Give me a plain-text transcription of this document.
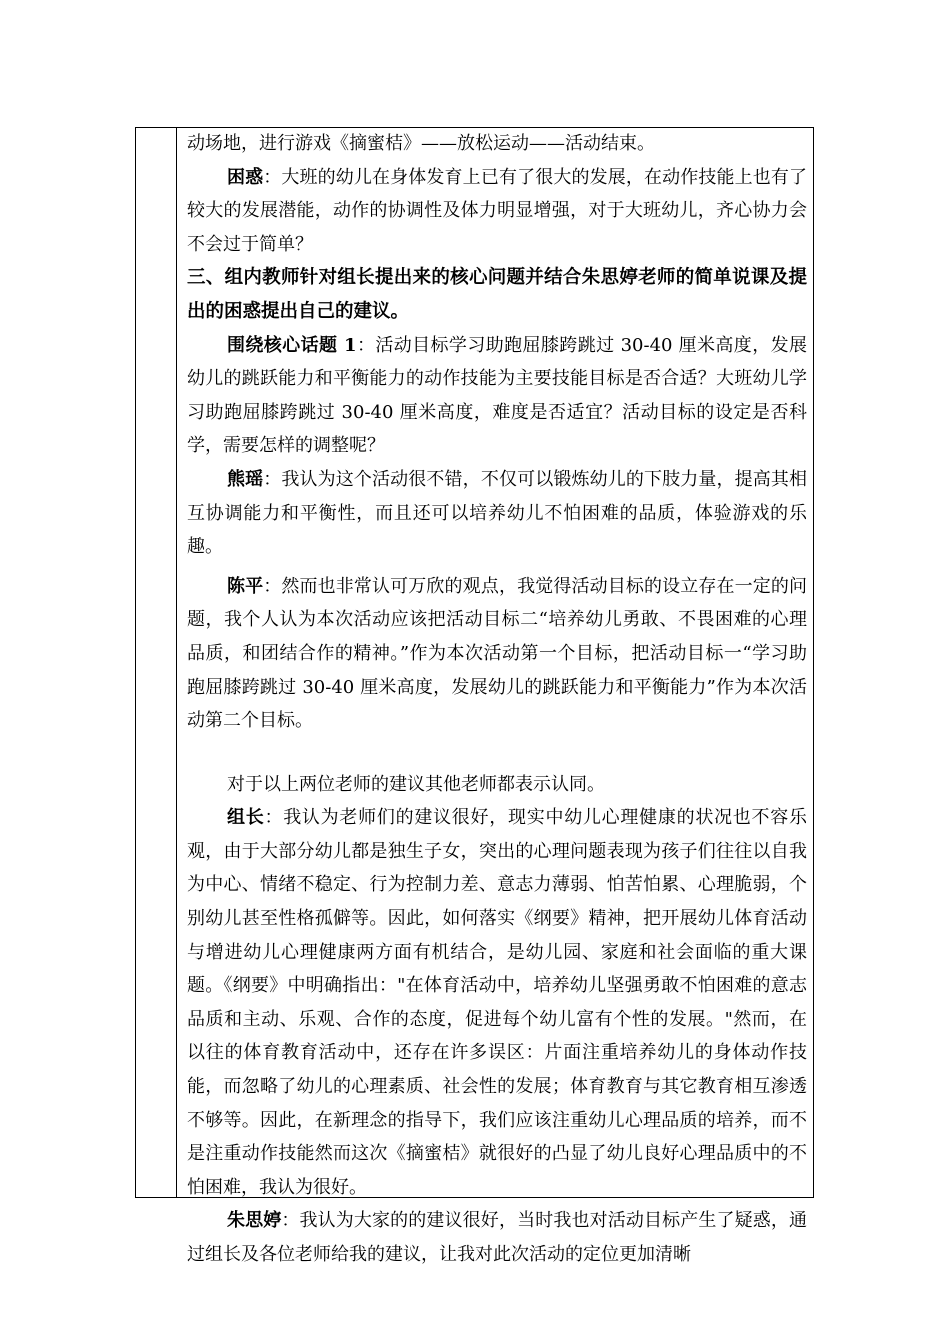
动场地，进行游戏《摘蜜桔》——放松运动——活动结束。

困惑：大班的幼儿在身体发育上已有了很大的发展，在动作技能上也有了较大的发展潜能，动作的协调性及体力明显增强，对于大班幼儿，齐心协力会不会过于简单？

三、组内教师针对组长提出来的核心问题并结合朱思婷老师的简单说课及提出的困惑提出自己的建议。

围绕核心话题 1：活动目标学习助跑屈膝跨跳过 30-40 厘米高度，发展幼儿的跳跃能力和平衡能力的动作技能为主要技能目标是否合适？大班幼儿学习助跑屈膝跨跳过 30-40 厘米高度，难度是否适宜？活动目标的设定是否科学，需要怎样的调整呢？

熊瑶：我认为这个活动很不错，不仅可以锻炼幼儿的下肢力量，提高其相互协调能力和平衡性，而且还可以培养幼儿不怕困难的品质，体验游戏的乐趣。

陈平：然而也非常认可万欣的观点，我觉得活动目标的设立存在一定的问题，我个人认为本次活动应该把活动目标二“培养幼儿勇敢、不畏困难的心理品质，和团结合作的精神。”作为本次活动第一个目标，把活动目标一“学习助跑屈膝跨跳过 30-40 厘米高度，发展幼儿的跳跃能力和平衡能力”作为本次活动第二个目标。

对于以上两位老师的建议其他老师都表示认同。

组长：我认为老师们的建议很好，现实中幼儿心理健康的状况也不容乐观，由于大部分幼儿都是独生子女，突出的心理问题表现为孩子们往往以自我为中心、情绪不稳定、行为控制力差、意志力薄弱、怕苦怕累、心理脆弱，个别幼儿甚至性格孤僻等。因此，如何落实《纲要》精神，把开展幼儿体育活动与增进幼儿心理健康两方面有机结合，是幼儿园、家庭和社会面临的重大课题。《纲要》中明确指出："在体育活动中，培养幼儿坚强勇敢不怕困难的意志品质和主动、乐观、合作的态度，促进每个幼儿富有个性的发展。"然而，在以往的体育教育活动中，还存在许多误区：片面注重培养幼儿的身体动作技能，而忽略了幼儿的心理素质、社会性的发展；体育教育与其它教育相互渗透不够等。因此，在新理念的指导下，我们应该注重幼儿心理品质的培养，而不是注重动作技能然而这次《摘蜜桔》就很好的凸显了幼儿良好心理品质中的不怕困难，我认为很好。

朱思婷：我认为大家的的建议很好，当时我也对活动目标产生了疑惑，通过组长及各位老师给我的建议，让我对此次活动的定位更加清晰
